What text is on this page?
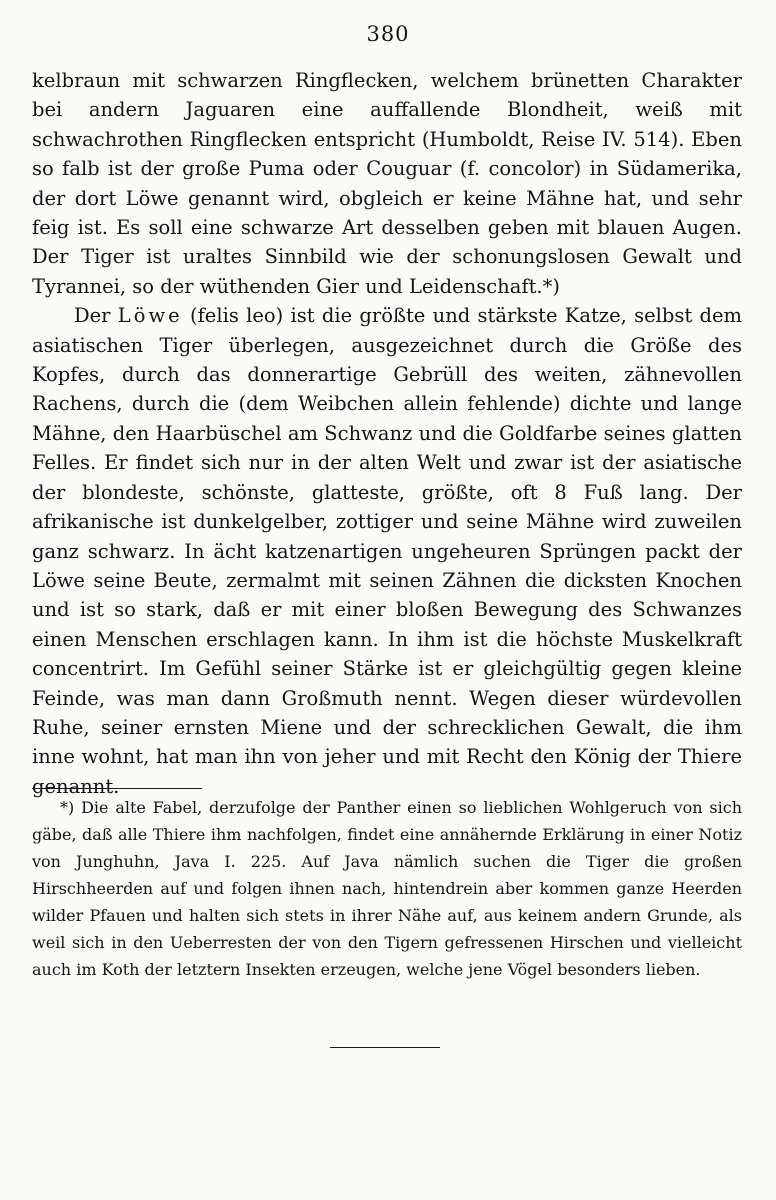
380

kelbraun mit schwarzen Ringflecken, welchem brünetten Charakter bei andern Jaguaren eine auffallende Blondheit, weiß mit schwachrothen Ringflecken entspricht (Humboldt, Reise IV. 514). Eben so falb ist der große Puma oder Couguar (f. concolor) in Südamerika, der dort Löwe genannt wird, obgleich er keine Mähne hat, und sehr feig ist. Es soll eine schwarze Art desselben geben mit blauen Augen. Der Tiger ist uraltes Sinnbild wie der schonungslosen Gewalt und Tyrannei, so der wüthenden Gier und Leidenschaft.*)

Der Löwe (felis leo) ist die größte und stärkste Katze, selbst dem asiatischen Tiger überlegen, ausgezeichnet durch die Größe des Kopfes, durch das donnerartige Gebrüll des weiten, zähnevollen Rachens, durch die (dem Weibchen allein fehlende) dichte und lange Mähne, den Haarbüschel am Schwanz und die Goldfarbe seines glatten Felles. Er findet sich nur in der alten Welt und zwar ist der asiatische der blondeste, schönste, glatteste, größte, oft 8 Fuß lang. Der afrikanische ist dunkelgelber, zottiger und seine Mähne wird zuweilen ganz schwarz. In ächt katzenartigen ungeheuren Sprüngen packt der Löwe seine Beute, zermalmt mit seinen Zähnen die dicksten Knochen und ist so stark, daß er mit einer bloßen Bewegung des Schwanzes einen Menschen erschlagen kann. In ihm ist die höchste Muskelkraft concentrirt. Im Gefühl seiner Stärke ist er gleichgültig gegen kleine Feinde, was man dann Großmuth nennt. Wegen dieser würdevollen Ruhe, seiner ernsten Miene und der schrecklichen Gewalt, die ihm inne wohnt, hat man ihn von jeher und mit Recht den König der Thiere genannt.

*) Die alte Fabel, derzufolge der Panther einen so lieblichen Wohlgeruch von sich gäbe, daß alle Thiere ihm nachfolgen, findet eine annähernde Erklärung in einer Notiz von Junghuhn, Java I. 225. Auf Java nämlich suchen die Tiger die großen Hirschheerden auf und folgen ihnen nach, hintendrein aber kommen ganze Heerden wilder Pfauen und halten sich stets in ihrer Nähe auf, aus keinem andern Grunde, als weil sich in den Ueberresten der von den Tigern gefressenen Hirschen und vielleicht auch im Koth der letztern Insekten erzeugen, welche jene Vögel besonders lieben.
